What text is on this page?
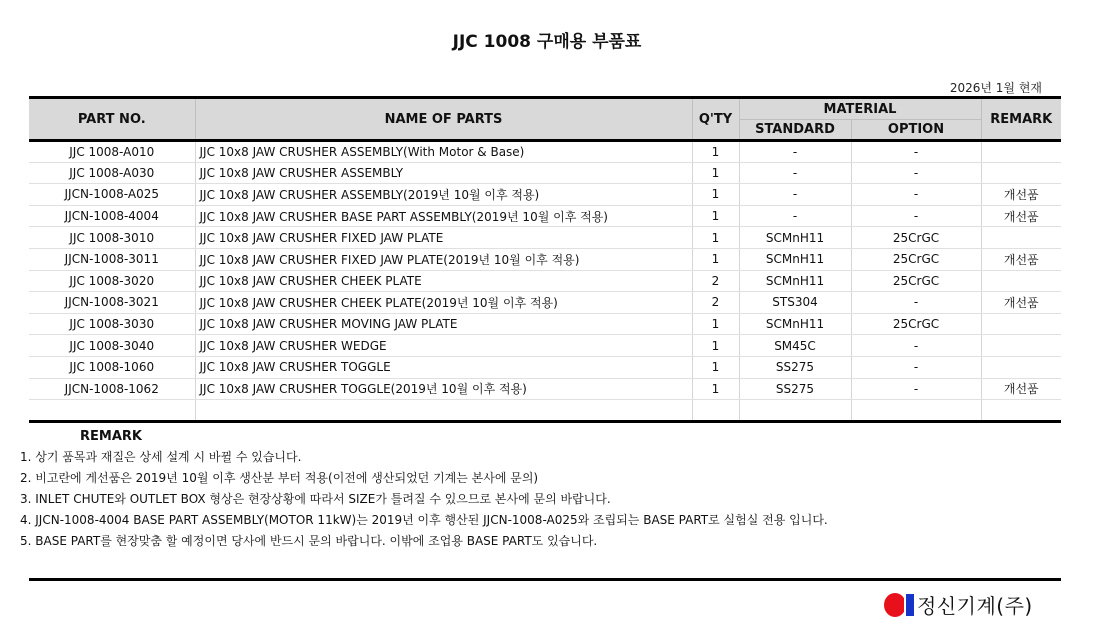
JJC 1008 구매용 부품표
2026년 1월 현재
PART NO.	NAME OF PARTS	Q'TY	MATERIAL		REMARK
			STANDARD	OPTION	
JJC 1008-A010	JJC 10x8 JAW CRUSHER ASSEMBLY(With Motor & Base)	1	-	-	
JJC 1008-A030	JJC 10x8 JAW CRUSHER ASSEMBLY	1	-	-	
JJCN-1008-A025	JJC 10x8 JAW CRUSHER ASSEMBLY(2019년 10월 이후 적용)	1	-	-	개선품
JJCN-1008-4004	JJC 10x8 JAW CRUSHER BASE PART ASSEMBLY(2019년 10월 이후 적용)	1	-	-	개선품
JJC 1008-3010	JJC 10x8 JAW CRUSHER FIXED JAW PLATE	1	SCMnH11	25CrGC	
JJCN-1008-3011	JJC 10x8 JAW CRUSHER FIXED JAW PLATE(2019년 10월 이후 적용)	1	SCMnH11	25CrGC	개선품
JJC 1008-3020	JJC 10x8 JAW CRUSHER CHEEK PLATE	2	SCMnH11	25CrGC	
JJCN-1008-3021	JJC 10x8 JAW CRUSHER CHEEK PLATE(2019년 10월 이후 적용)	2	STS304	-	개선품
JJC 1008-3030	JJC 10x8 JAW CRUSHER MOVING JAW PLATE	1	SCMnH11	25CrGC	
JJC 1008-3040	JJC 10x8 JAW CRUSHER WEDGE	1	SM45C	-	
JJC 1008-1060	JJC 10x8 JAW CRUSHER TOGGLE	1	SS275	-	
JJCN-1008-1062	JJC 10x8 JAW CRUSHER TOGGLE(2019년 10월 이후 적용)	1	SS275	-	개선품

REMARK
1. 상기 품목과 재질은 상세 설계 시 바뀔 수 있습니다.
2. 비고란에 게선품은 2019년 10월 이후 생산분 부터 적용(이전에 생산되었던 기계는 본사에 문의)
3. INLET CHUTE와 OUTLET BOX 형상은 현장상황에 따라서 SIZE가 틀려질 수 있으므로 본사에 문의 바랍니다.
4. JJCN-1008-4004 BASE PART ASSEMBLY(MOTOR 11kW)는 2019년 이후 행산된 JJCN-1008-A025와 조립되는 BASE PART로 실험실 전용 입니다.
5. BASE PART를 현장맞춤 할 예정이면 당사에 반드시 문의 바랍니다. 이밖에 조업용 BASE PART도 있습니다.
정신기계(주)
